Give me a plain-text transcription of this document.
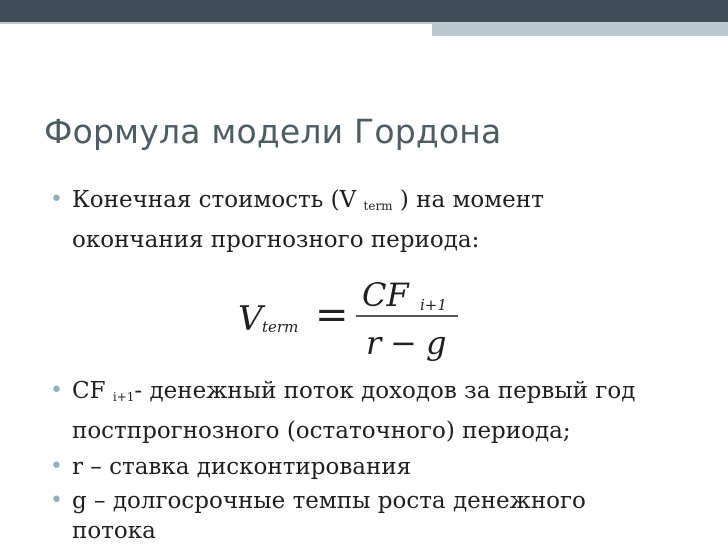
Формула модели Гордона
• Конечная стоимость (V $_{term}$ ) на момент
окончания прогнозного периода:
V term = CF i+1
r − g
• CF $_{i+1}$- денежный поток доходов за первый год
постпрогнозного (остаточного) периода;
• r – ставка дисконтирования
• g – долгосрочные темпы роста денежного
потока
